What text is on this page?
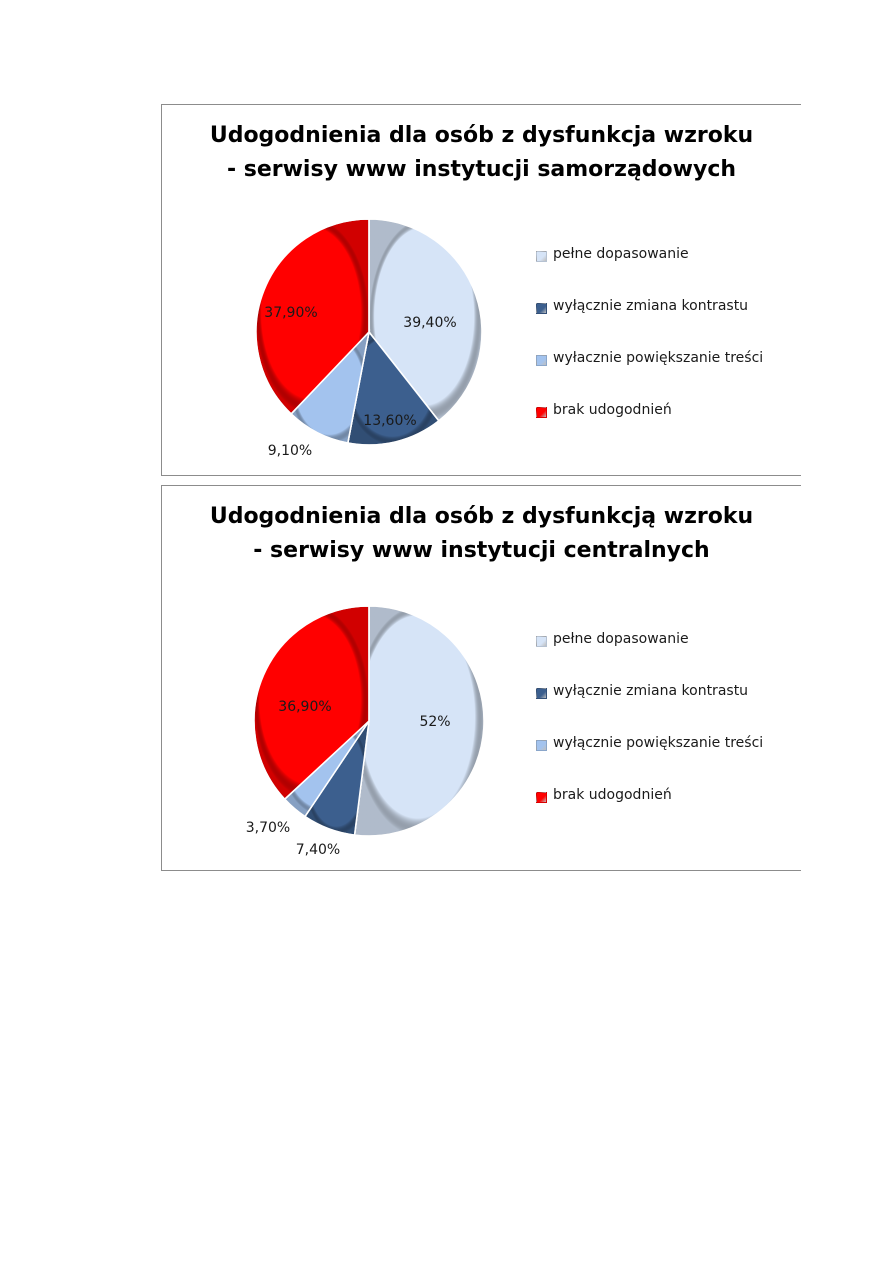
Udogodnienia dla osób z dysfunkcja wzroku
- serwisy www instytucji samorządowych
39,40%
13,60%
9,10%
37,90%
pełne dopasowanie
wyłącznie zmiana kontrastu
wyłacznie powiększanie treści
brak udogodnień
Udogodnienia dla osób z dysfunkcją wzroku
- serwisy www instytucji centralnych
52%
7,40%
3,70%
36,90%
pełne dopasowanie
wyłącznie zmiana kontrastu
wyłącznie powiększanie treści
brak udogodnień
